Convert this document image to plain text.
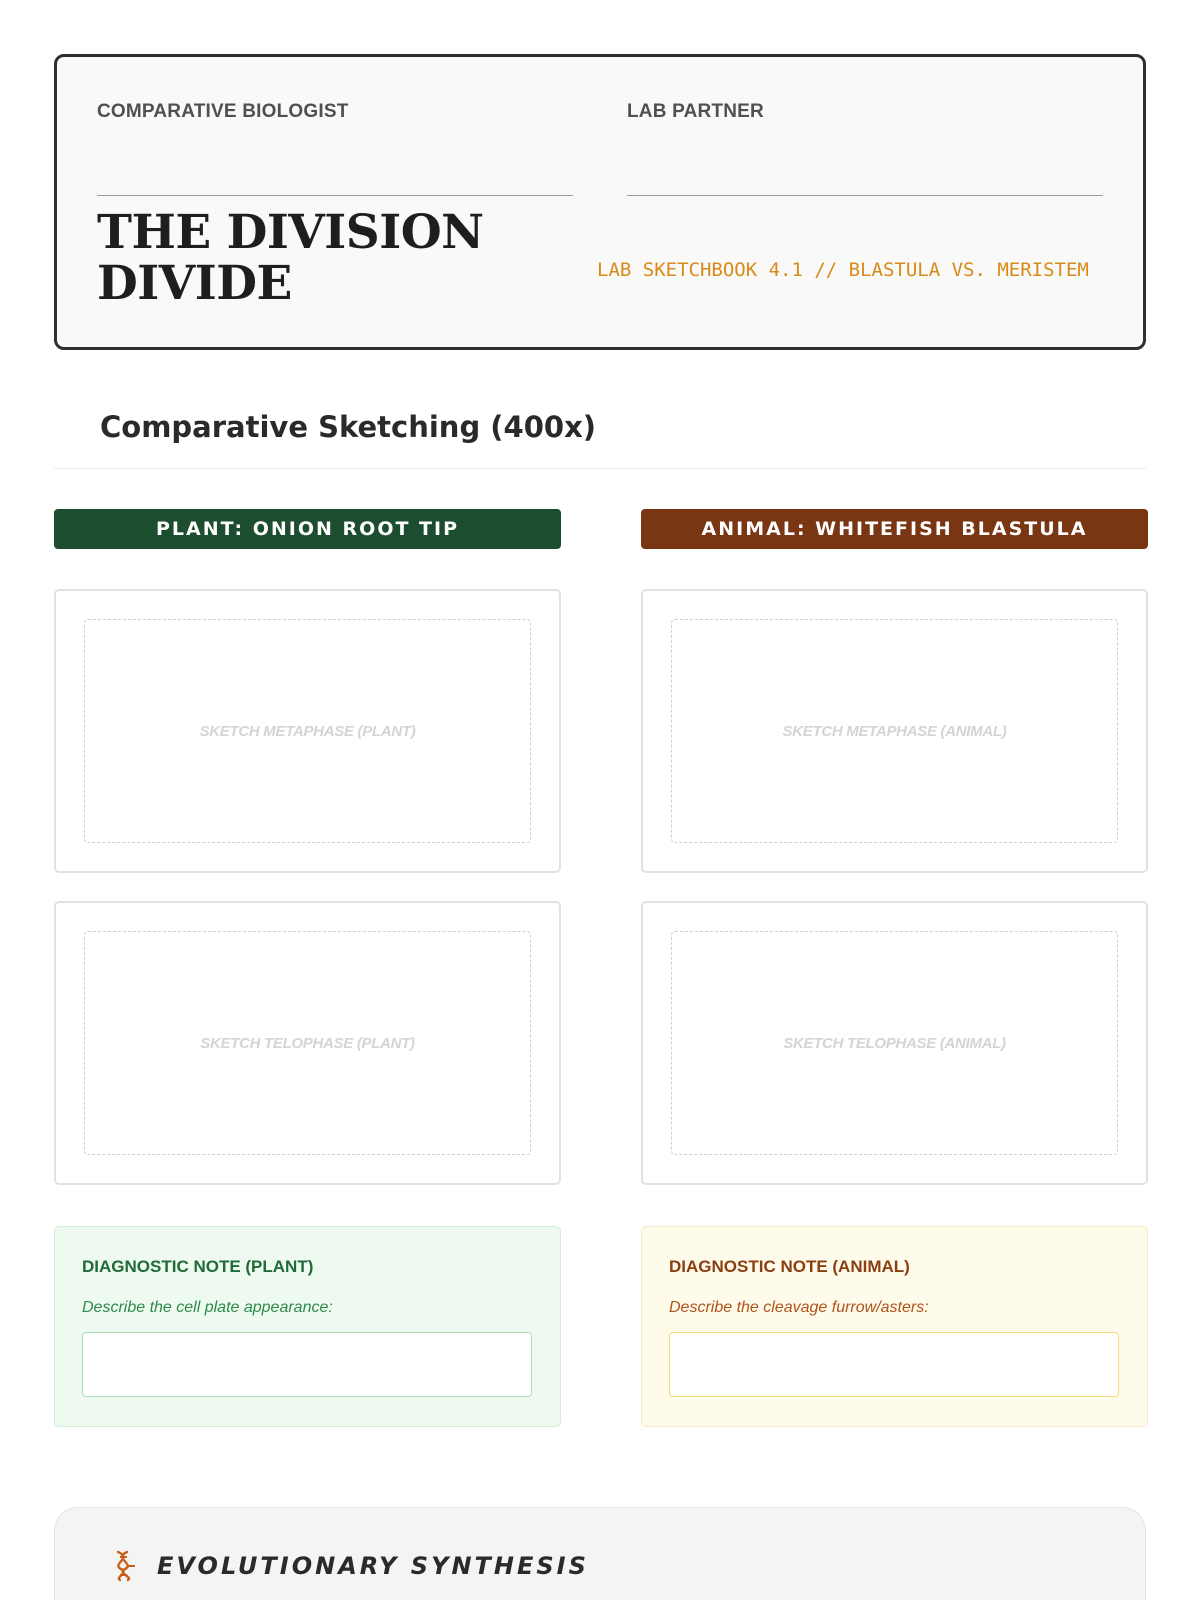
COMPARATIVE BIOLOGIST	LAB PARTNER
THE DIVISION DIVIDE	LAB SKETCHBOOK 4.1 // BLASTULA VS. MERISTEM
Comparative Sketching (400x)
PLANT: ONION ROOT TIP	ANIMAL: WHITEFISH BLASTULA
SKETCH METAPHASE (PLANT)	SKETCH METAPHASE (ANIMAL)
SKETCH TELOPHASE (PLANT)	SKETCH TELOPHASE (ANIMAL)
DIAGNOSTIC NOTE (PLANT)
Describe the cell plate appearance:
DIAGNOSTIC NOTE (ANIMAL)
Describe the cleavage furrow/asters:
EVOLUTIONARY SYNTHESIS
